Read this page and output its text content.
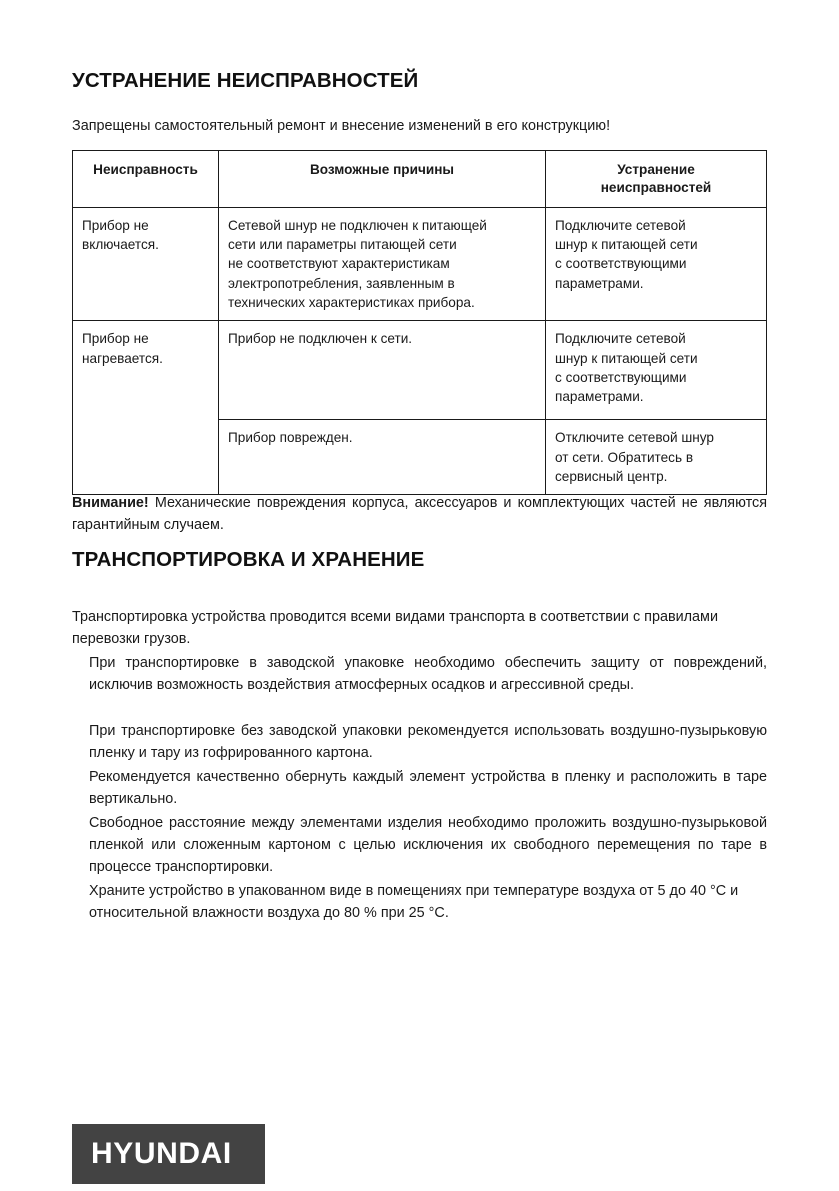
УСТРАНЕНИЕ НЕИСПРАВНОСТЕЙ
Запрещены самостоятельный ремонт и внесение изменений в его конструкцию!
Неисправность	Возможные причины	Устранение
неисправностей

Прибор не
включается.	Сетевой шнур не подключен к питающей
сети или параметры питающей сети
не соответствуют характеристикам
электропотребления, заявленным в
технических характеристиках прибора.	Подключите сетевой
шнур к питающей сети
с соответствующими
параметрами.

Прибор не
нагревается.	Прибор не подключен к сети.	Подключите сетевой
шнур к питающей сети
с соответствующими
параметрами.

	Прибор поврежден.	Отключите сетевой шнур
от сети. Обратитесь в
сервисный центр.

Внимание! Механические повреждения корпуса, аксессуаров и комплектующих частей не являются гарантийным случаем.

ТРАНСПОРТИРОВКА И ХРАНЕНИЕ

Транспортировка устройства проводится всеми видами транспорта в соответствии с правилами перевозки грузов.

При транспортировке в заводской упаковке необходимо обеспечить защиту от повреждений, исключив возможность воздействия атмосферных осадков и агрессивной среды.

При транспортировке без заводской упаковки рекомендуется использовать воздушно-пузырьковую пленку и тару из гофрированного картона.

Рекомендуется качественно обернуть каждый элемент устройства в пленку и расположить в таре вертикально.

Свободное расстояние между элементами изделия необходимо проложить воздушно-пузырьковой пленкой или сложенным картоном с целью исключения их свободного перемещения по таре в процессе транспортировки.

Храните устройство в упакованном виде в помещениях при температуре воздуха от 5 до 40 °C и относительной влажности воздуха до 80 % при 25 °C.

HYUNDAI
